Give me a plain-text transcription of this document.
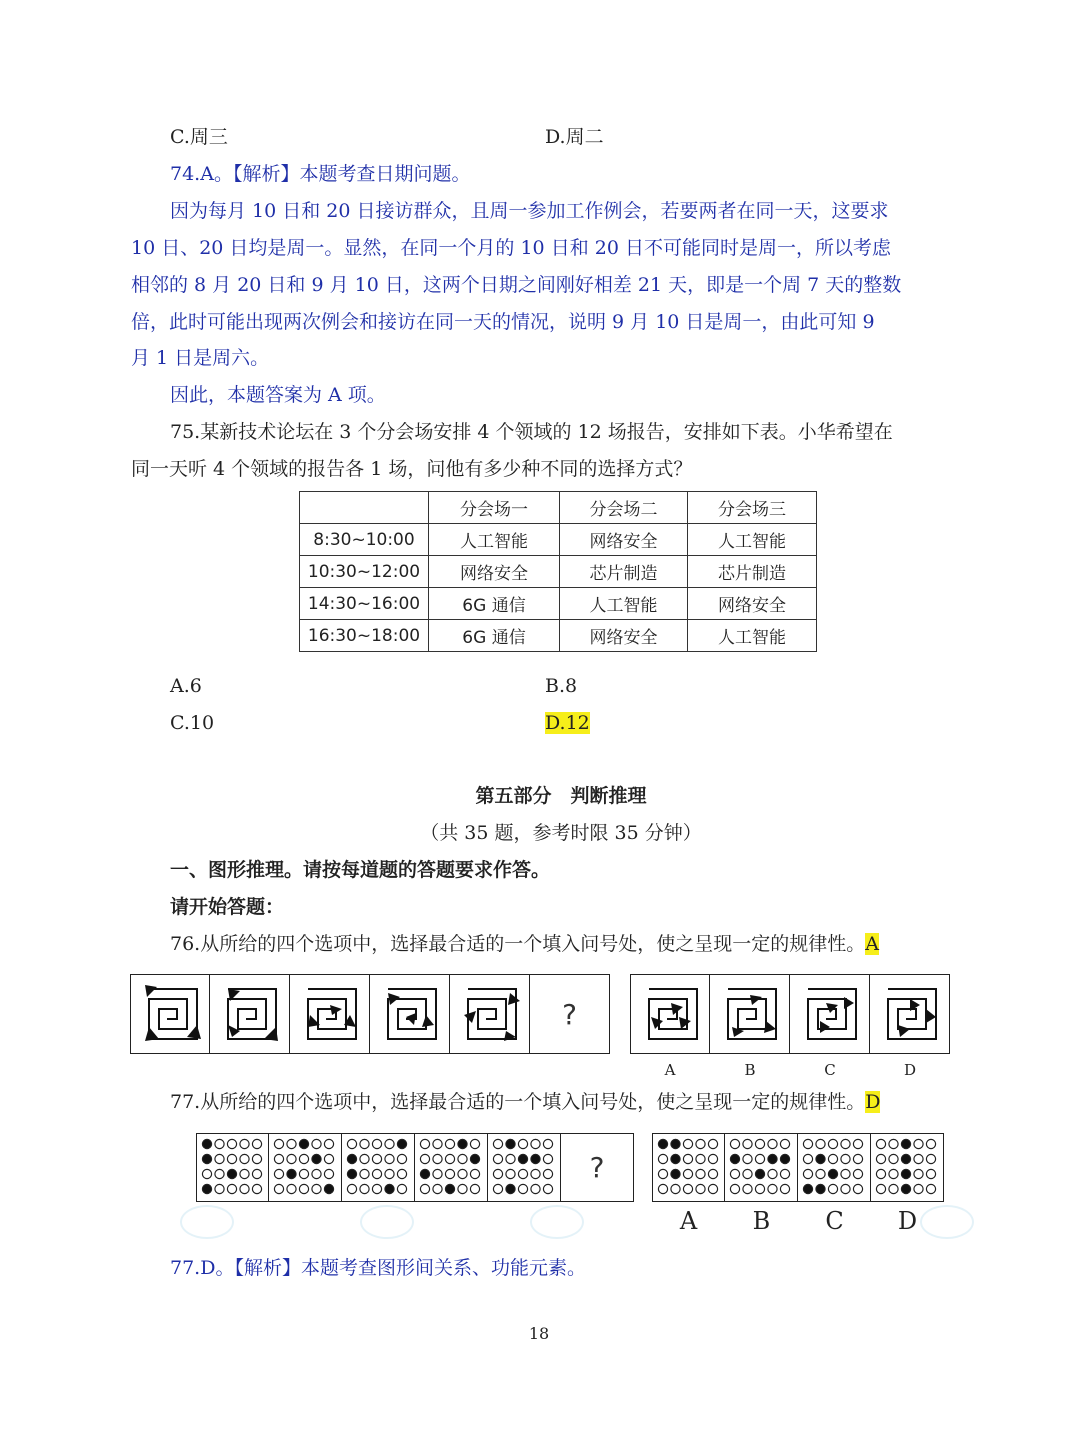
C.周三	D.周二
74.A。【解析】本题考查日期问题。
因为每月 10 日和 20 日接访群众，且周一参加工作例会，若要两者在同一天，这要求
10 日、20 日均是周一。显然，在同一个月的 10 日和 20 日不可能同时是周一，所以考虑
相邻的 8 月 20 日和 9 月 10 日，这两个日期之间刚好相差 21 天，即是一个周 7 天的整数
倍，此时可能出现两次例会和接访在同一天的情况，说明 9 月 10 日是周一，由此可知 9
月 1 日是周六。
因此，本题答案为 A 项。
75.某新技术论坛在 3 个分会场安排 4 个领域的 12 场报告，安排如下表。小华希望在
同一天听 4 个领域的报告各 1 场，问他有多少种不同的选择方式？
	分会场一	分会场二	分会场三
8:30~10:00	人工智能	网络安全	人工智能
10:30~12:00	网络安全	芯片制造	芯片制造
14:30~16:00	6G 通信	人工智能	网络安全
16:30~18:00	6G 通信	网络安全	人工智能
A.6	B.8
C.10	D.12
第五部分　判断推理
（共 35 题，参考时限 35 分钟）
一、图形推理。请按每道题的答题要求作答。
请开始答题：
76.从所给的四个选项中，选择最合适的一个填入问号处，使之呈现一定的规律性。A
?
A	B	C	D
77.从所给的四个选项中，选择最合适的一个填入问号处，使之呈现一定的规律性。D
?
A	B	C	D
77.D。【解析】本题考查图形间关系、功能元素。
18
